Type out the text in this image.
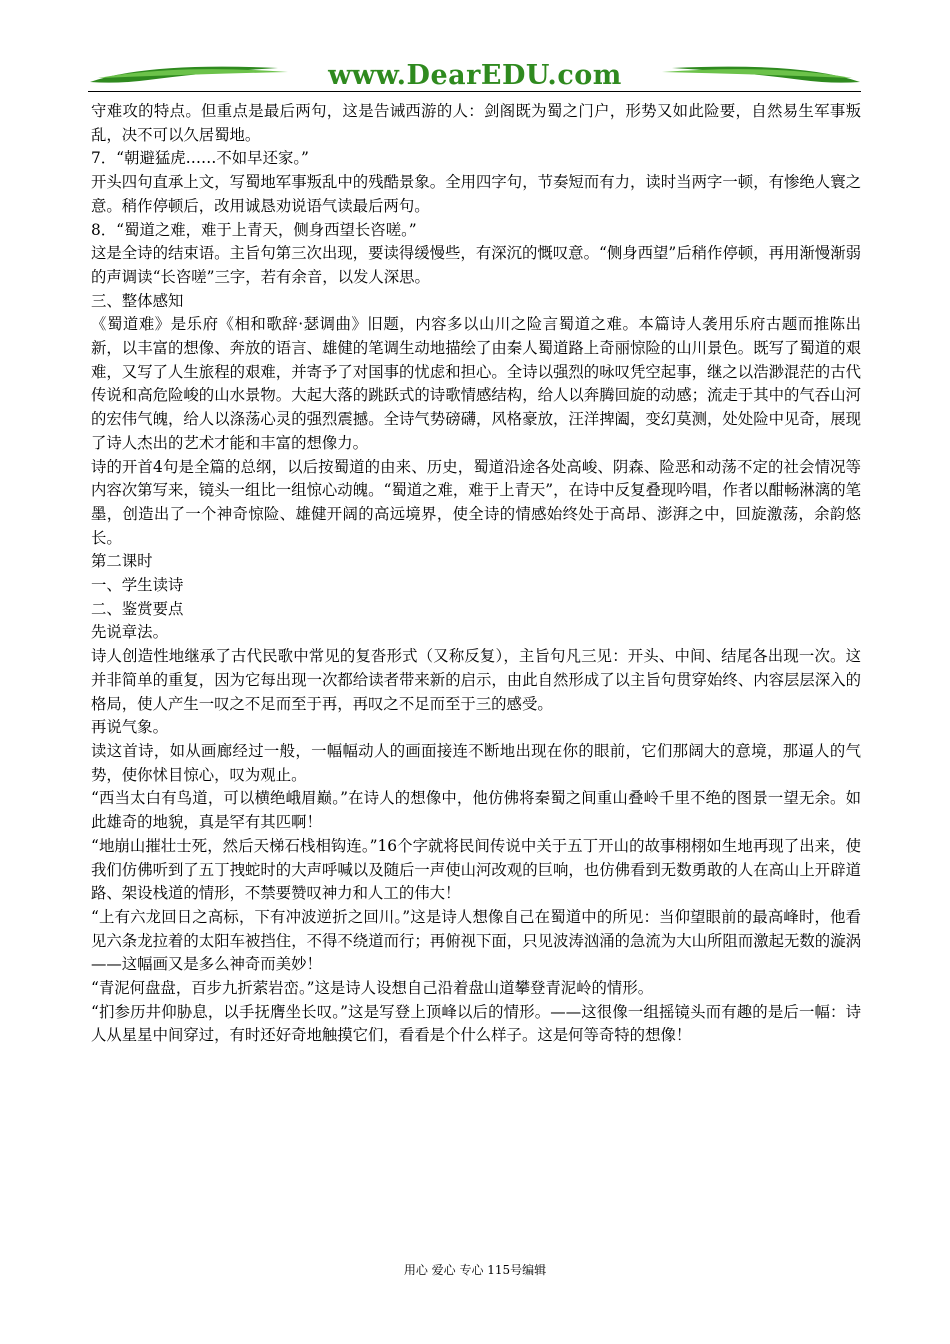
www.DearEDU.com

守难攻的特点。但重点是最后两句，这是告诫西游的人：剑阁既为蜀之门户，形势又如此险要，自然易生军事叛乱，决不可以久居蜀地。

7．“朝避猛虎……不如早还家。”

开头四句直承上文，写蜀地军事叛乱中的残酷景象。全用四字句，节奏短而有力，读时当两字一顿，有惨绝人寰之意。稍作停顿后，改用诚恳劝说语气读最后两句。

8．“蜀道之难，难于上青天，侧身西望长咨嗟。”

这是全诗的结束语。主旨句第三次出现，要读得缓慢些，有深沉的慨叹意。“侧身西望”后稍作停顿，再用渐慢渐弱的声调读“长咨嗟”三字，若有余音，以发人深思。

三、整体感知

《蜀道难》是乐府《相和歌辞·瑟调曲》旧题，内容多以山川之险言蜀道之难。本篇诗人袭用乐府古题而推陈出新，以丰富的想像、奔放的语言、雄健的笔调生动地描绘了由秦人蜀道路上奇丽惊险的山川景色。既写了蜀道的艰难，又写了人生旅程的艰难，并寄予了对国事的忧虑和担心。全诗以强烈的咏叹凭空起事，继之以浩渺混茫的古代传说和高危险峻的山水景物。大起大落的跳跃式的诗歌情感结构，给人以奔腾回旋的动感；流走于其中的气吞山河的宏伟气魄，给人以涤荡心灵的强烈震撼。全诗气势磅礴，风格豪放，汪洋捭阖，变幻莫测，处处险中见奇，展现了诗人杰出的艺术才能和丰富的想像力。

诗的开首4句是全篇的总纲，以后按蜀道的由来、历史，蜀道沿途各处高峻、阴森、险恶和动荡不定的社会情况等内容次第写来，镜头一组比一组惊心动魄。“蜀道之难，难于上青天”，在诗中反复叠现吟唱，作者以酣畅淋漓的笔墨，创造出了一个神奇惊险、雄健开阔的高远境界，使全诗的情感始终处于高昂、澎湃之中，回旋激荡，余韵悠长。

第二课时

一、学生读诗

二、鉴赏要点

先说章法。

诗人创造性地继承了古代民歌中常见的复沓形式（又称反复），主旨句凡三见：开头、中间、结尾各出现一次。这并非简单的重复，因为它每出现一次都给读者带来新的启示，由此自然形成了以主旨句贯穿始终、内容层层深入的格局，使人产生一叹之不足而至于再，再叹之不足而至于三的感受。

再说气象。

读这首诗，如从画廊经过一般，一幅幅动人的画面接连不断地出现在你的眼前，它们那阔大的意境，那逼人的气势，使你怵目惊心，叹为观止。

“西当太白有鸟道，可以横绝峨眉巅。”在诗人的想像中，他仿佛将秦蜀之间重山叠岭千里不绝的图景一望无余。如此雄奇的地貌，真是罕有其匹啊！

“地崩山摧壮士死，然后天梯石栈相钩连。”16个字就将民间传说中关于五丁开山的故事栩栩如生地再现了出来，使我们仿佛听到了五丁拽蛇时的大声呼喊以及随后一声使山河改观的巨响，也仿佛看到无数勇敢的人在高山上开辟道路、架设栈道的情形，不禁要赞叹神力和人工的伟大！

“上有六龙回日之高标，下有冲波逆折之回川。”这是诗人想像自己在蜀道中的所见：当仰望眼前的最高峰时，他看见六条龙拉着的太阳车被挡住，不得不绕道而行；再俯视下面，只见波涛汹涌的急流为大山所阻而激起无数的漩涡——这幅画又是多么神奇而美妙！

“青泥何盘盘，百步九折萦岩峦。”这是诗人设想自己沿着盘山道攀登青泥岭的情形。

“扪参历井仰胁息，以手抚膺坐长叹。”这是写登上顶峰以后的情形。——这很像一组摇镜头而有趣的是后一幅：诗人从星星中间穿过，有时还好奇地触摸它们，看看是个什么样子。这是何等奇特的想像！

用心 爱心 专心 115号编辑
